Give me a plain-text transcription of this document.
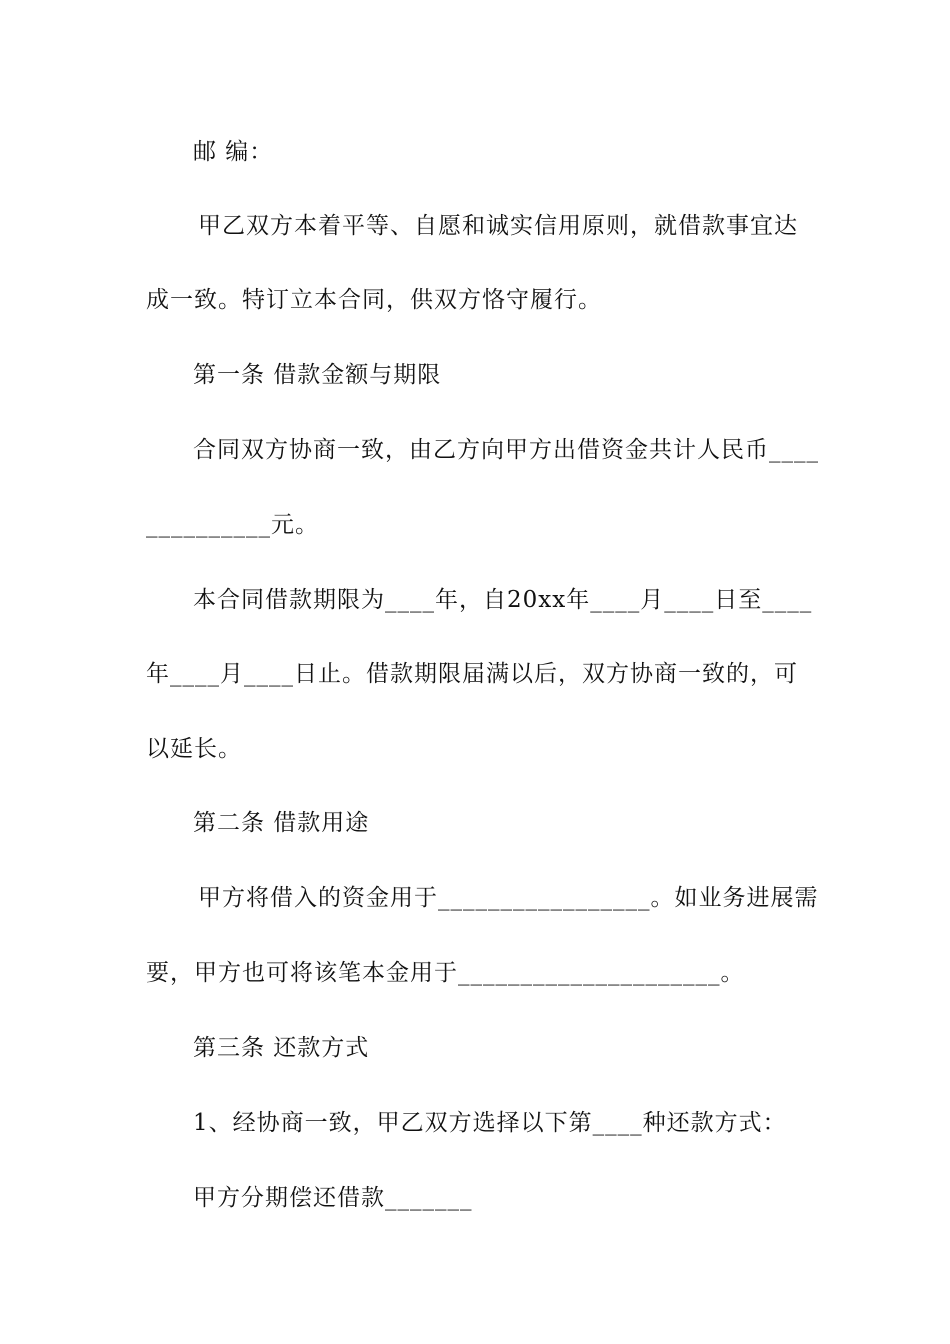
邮 编：
甲乙双方本着平等、自愿和诚实信用原则，就借款事宜达
成一致。特订立本合同，供双方恪守履行。
第一条 借款金额与期限
合同双方协商一致，由乙方向甲方出借资金共计人民币____
__________元。
本合同借款期限为____年，自20xx年____月____日至____
年____月____日止。借款期限届满以后，双方协商一致的，可
以延长。
第二条 借款用途
甲方将借入的资金用于_________________。如业务进展需
要，甲方也可将该笔本金用于_____________________。
第三条 还款方式
1、经协商一致，甲乙双方选择以下第____种还款方式：
甲方分期偿还借款_______
